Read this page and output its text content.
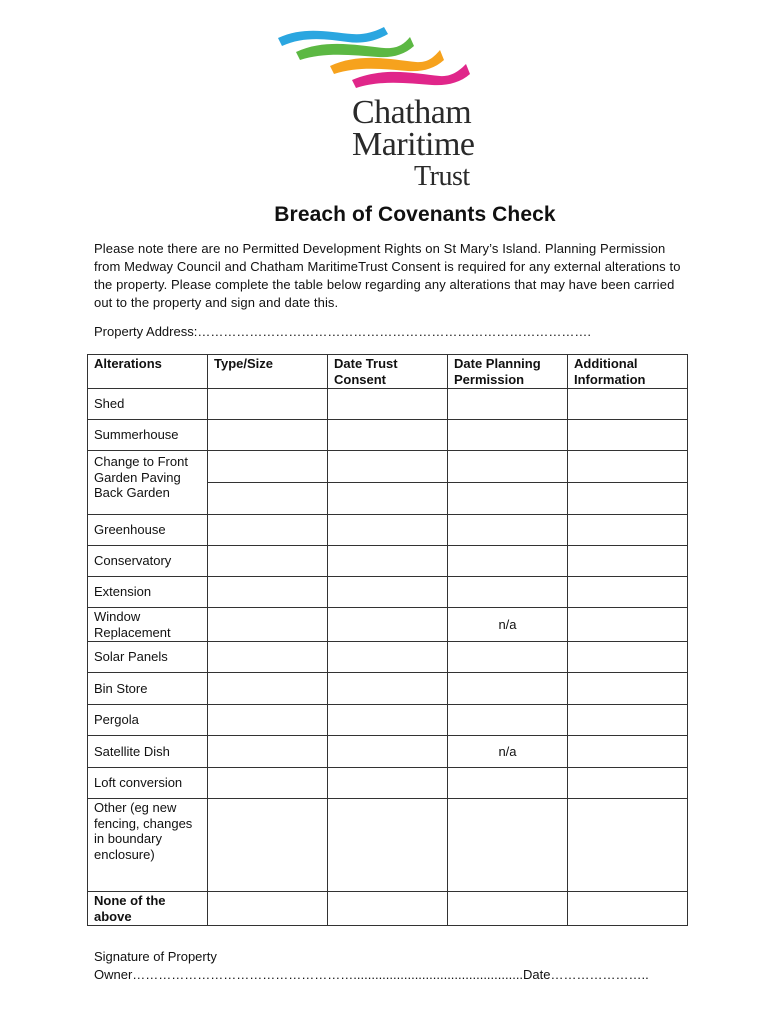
Chatham
Maritime
Trust
Breach of Covenants Check

Please note there are no Permitted Development Rights on St Mary’s Island. Planning Permission from Medway Council and Chatham MaritimeTrust Consent is required for any external alterations to the property. Please complete the table below regarding any alterations that may have been carried out to the property and sign and date this.

Property Address:……………………………………………………………………………….
Alterations	Type/Size	Date Trust Consent	Date Planning Permission	Additional Information
Shed				
Summerhouse				
Change to Front Garden Paving Back Garden				

Greenhouse				
Conservatory				
Extension				
Window Replacement			n/a	
Solar Panels				
Bin Store				
Pergola				
Satellite Dish			n/a	
Loft conversion				
Other (eg new fencing, changes in boundary enclosure)				
None of the above				
Signature of Property
Owner……………………………………………...............................................Date…………………..
